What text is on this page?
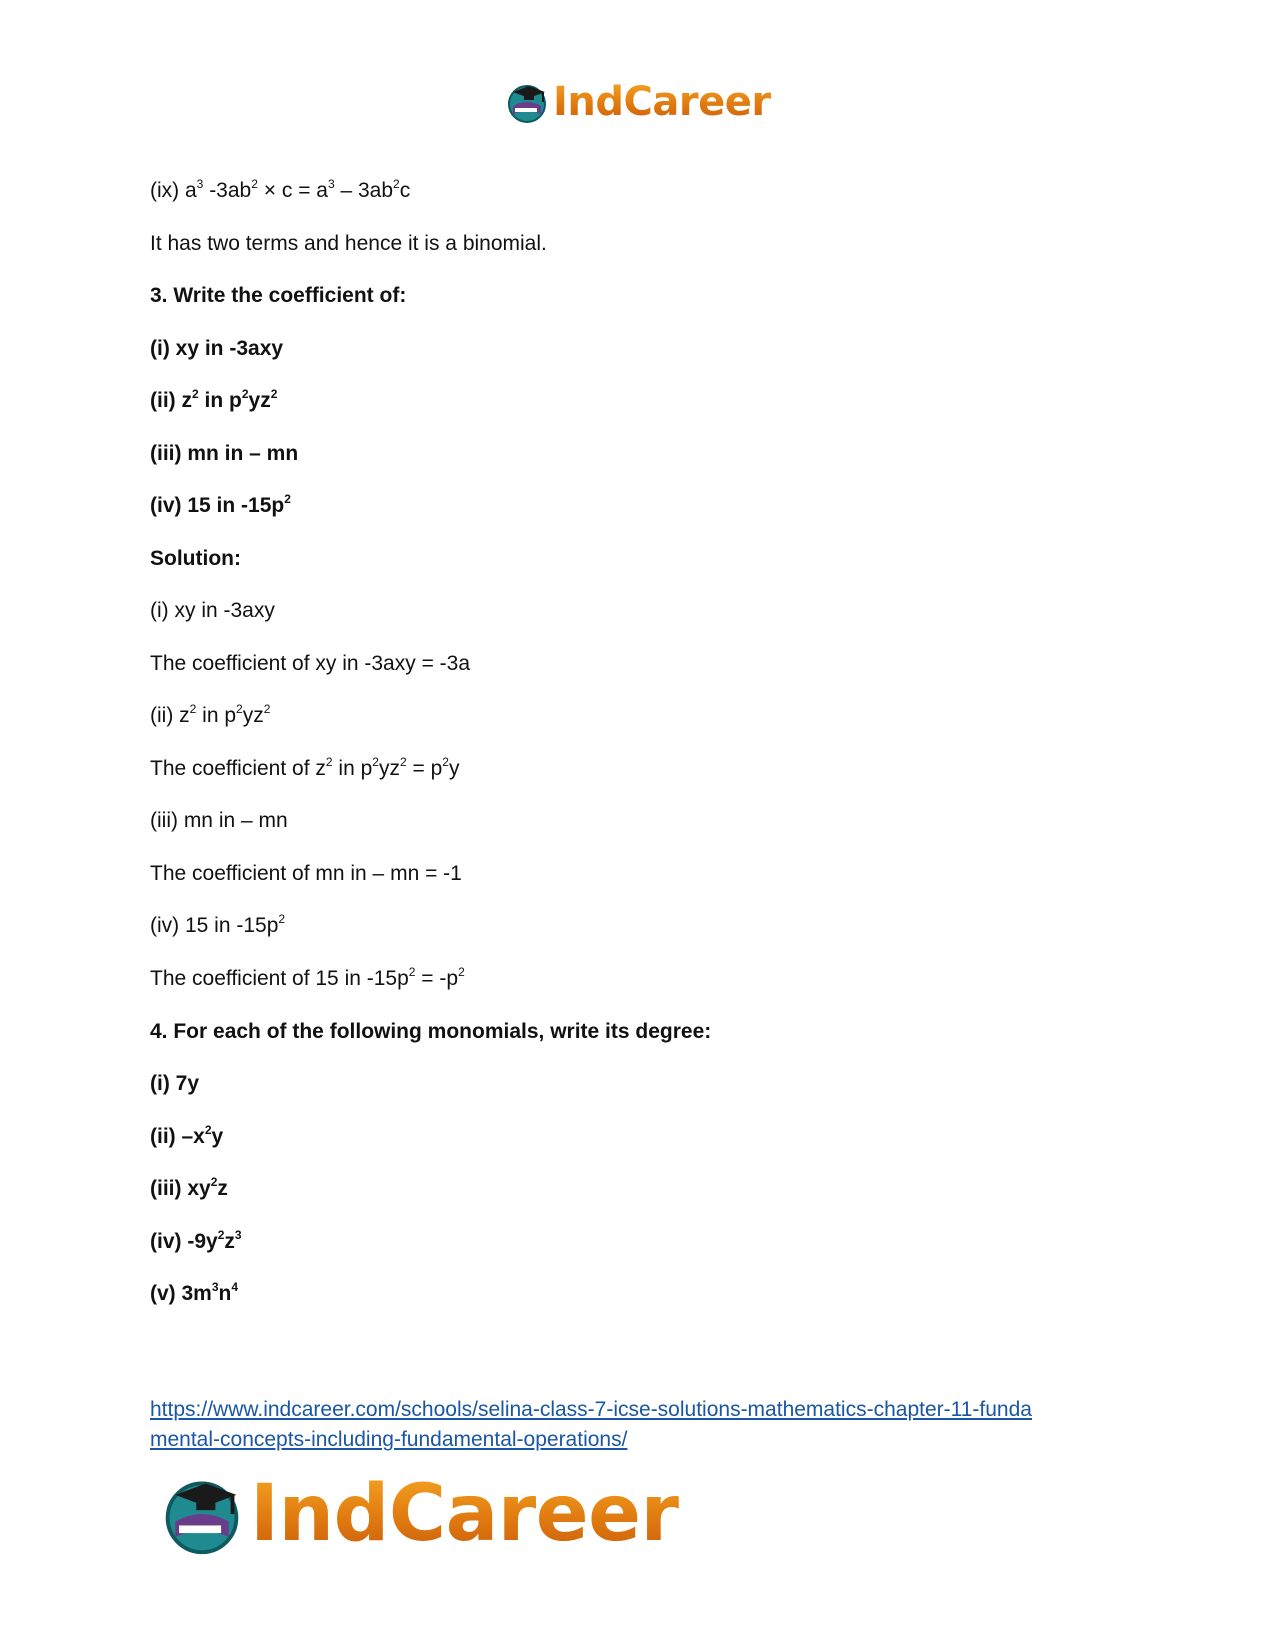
IndCareer

(ix) $a^3$ $-3ab^2 \times c = a^3 - 3ab^2c$

It has two terms and hence it is a binomial.

3. Write the coefficient of:

(i) xy in -3axy

(ii) $z^2$ in $p^2yz^2$

(iii) mn in – mn

(iv) 15 in $-15p^2$

Solution:

(i) xy in -3axy

The coefficient of xy in -3axy = -3a

(ii) $z^2$ in $p^2yz^2$

The coefficient of $z^2$ in $p^2yz^2 = p^2y$

(iii) mn in – mn

The coefficient of mn in – mn = -1

(iv) 15 in $-15p^2$

The coefficient of 15 in $-15p^2 = -p^2$

4. For each of the following monomials, write its degree:

(i) 7y

(ii) $-x^2y$

(iii) $xy^2z$

(iv) $-9y^2z^3$

(v) $3m^3n^4$

https://www.indcareer.com/schools/selina-class-7-icse-solutions-mathematics-chapter-11-funda
mental-concepts-including-fundamental-operations/
IndCareer
